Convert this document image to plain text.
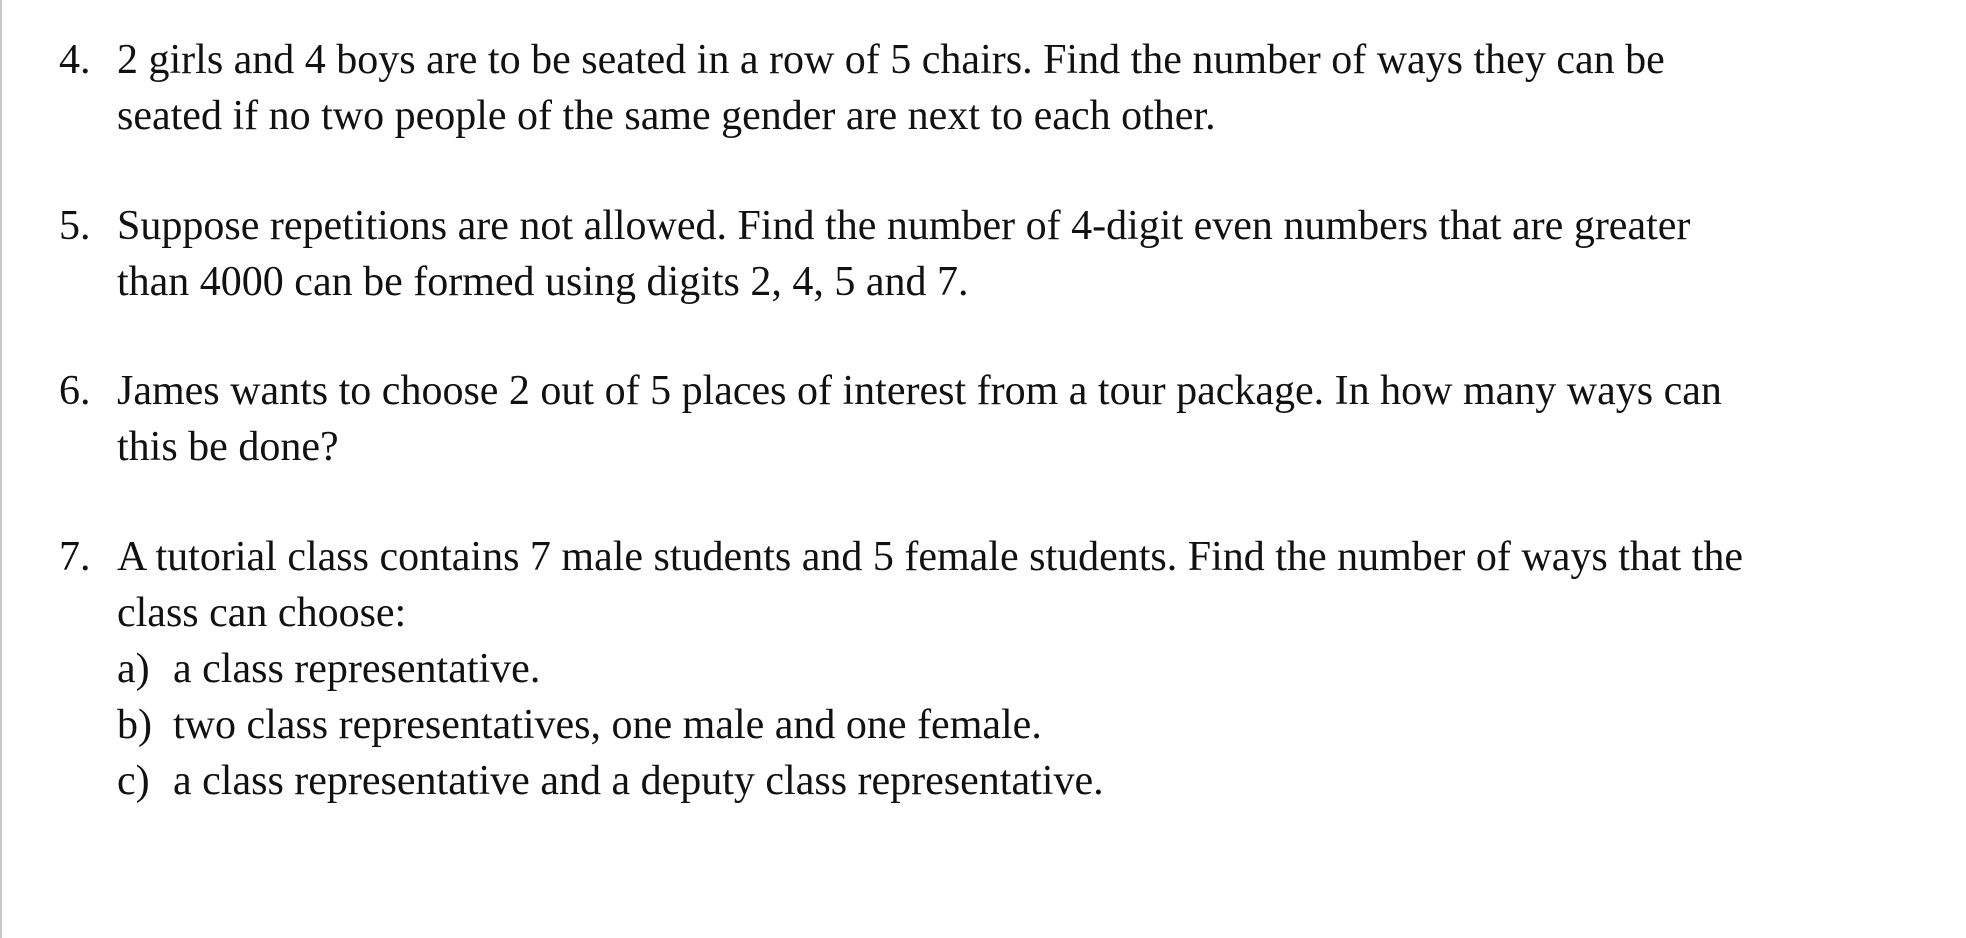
4. 2 girls and 4 boys are to be seated in a row of 5 chairs. Find the number of ways they can be
seated if no two people of the same gender are next to each other.
5. Suppose repetitions are not allowed. Find the number of 4-digit even numbers that are greater
than 4000 can be formed using digits 2, 4, 5 and 7.
6. James wants to choose 2 out of 5 places of interest from a tour package. In how many ways can
this be done?
7. A tutorial class contains 7 male students and 5 female students. Find the number of ways that the
class can choose:
a) a class representative.
b) two class representatives, one male and one female.
c) a class representative and a deputy class representative.
